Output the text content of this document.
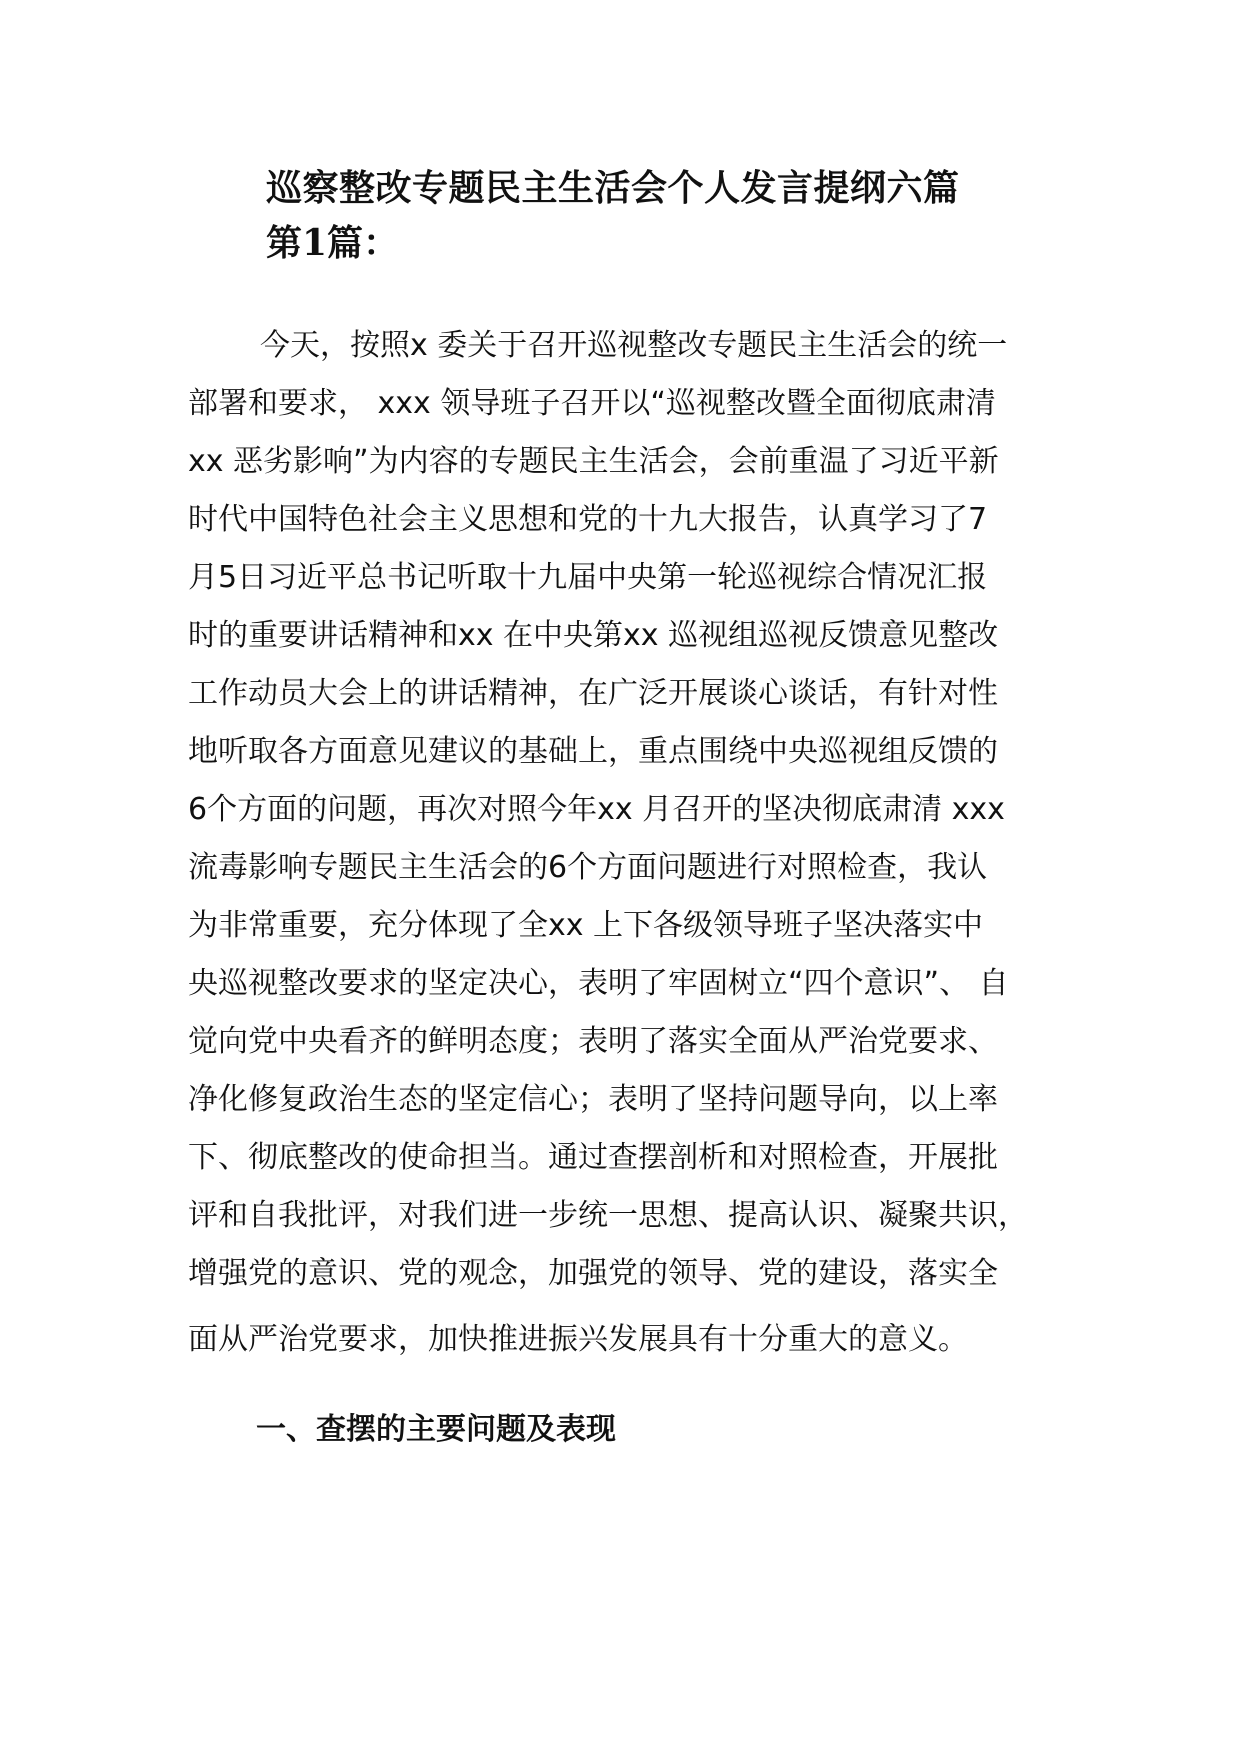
巡察整改专题民主生活会个人发言提纲六篇
第1篇：

今天，按照x 委关于召开巡视整改专题民主生活会的统一
部署和要求， xxx 领导班子召开以“巡视整改暨全面彻底肃清
xx 恶劣影响”为内容的专题民主生活会，会前重温了习近平新
时代中国特色社会主义思想和党的十九大报告，认真学习了7
月5日习近平总书记听取十九届中央第一轮巡视综合情况汇报
时的重要讲话精神和xx 在中央第xx 巡视组巡视反馈意见整改
工作动员大会上的讲话精神，在广泛开展谈心谈话，有针对性
地听取各方面意见建议的基础上，重点围绕中央巡视组反馈的
6个方面的问题，再次对照今年xx 月召开的坚决彻底肃清 xxx
流毒影响专题民主生活会的6个方面问题进行对照检查，我认
为非常重要，充分体现了全xx 上下各级领导班子坚决落实中
央巡视整改要求的坚定决心，表明了牢固树立“四个意识”、 自
觉向党中央看齐的鲜明态度；表明了落实全面从严治党要求、
净化修复政治生态的坚定信心；表明了坚持问题导向，以上率
下、彻底整改的使命担当。通过查摆剖析和对照检查，开展批
评和自我批评，对我们进一步统一思想、提高认识、凝聚共识，
增强党的意识、党的观念，加强党的领导、党的建设，落实全
面从严治党要求，加快推进振兴发展具有十分重大的意义。

一、查摆的主要问题及表现
